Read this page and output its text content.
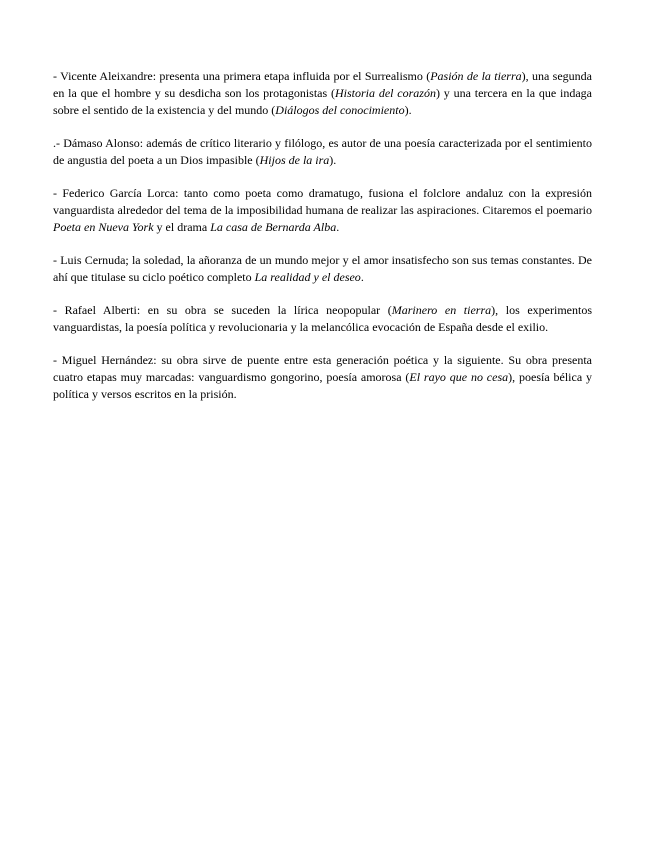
- Vicente Aleixandre: presenta una primera etapa influida por el Surrealismo (Pasión de la tierra), una segunda en la que el hombre y su desdicha son los protagonistas (Historia del corazón) y una tercera en la que indaga sobre el sentido de la existencia y del mundo (Diálogos del conocimiento).

.- Dámaso Alonso: además de crítico literario y filólogo, es autor de una poesía caracterizada por el sentimiento de angustia del poeta a un Dios impasible (Hijos de la ira).

- Federico García Lorca: tanto como poeta como dramatugo, fusiona el folclore andaluz con la expresión vanguardista alrededor del tema de la imposibilidad humana de realizar las aspiraciones. Citaremos el poemario Poeta en Nueva York y el drama La casa de Bernarda Alba.

- Luis Cernuda; la soledad, la añoranza de un mundo mejor y el amor insatisfecho son sus temas constantes. De ahí que titulase su ciclo poético completo La realidad y el deseo.

- Rafael Alberti: en su obra se suceden la lírica neopopular (Marinero en tierra), los experimentos vanguardistas, la poesía política y revolucionaria y la melancólica evocación de España desde el exilio.

- Miguel Hernández: su obra sirve de puente entre esta generación poética y la siguiente. Su obra presenta cuatro etapas muy marcadas: vanguardismo gongorino, poesía amorosa (El rayo que no cesa), poesía bélica y política y versos escritos en la prisión.
